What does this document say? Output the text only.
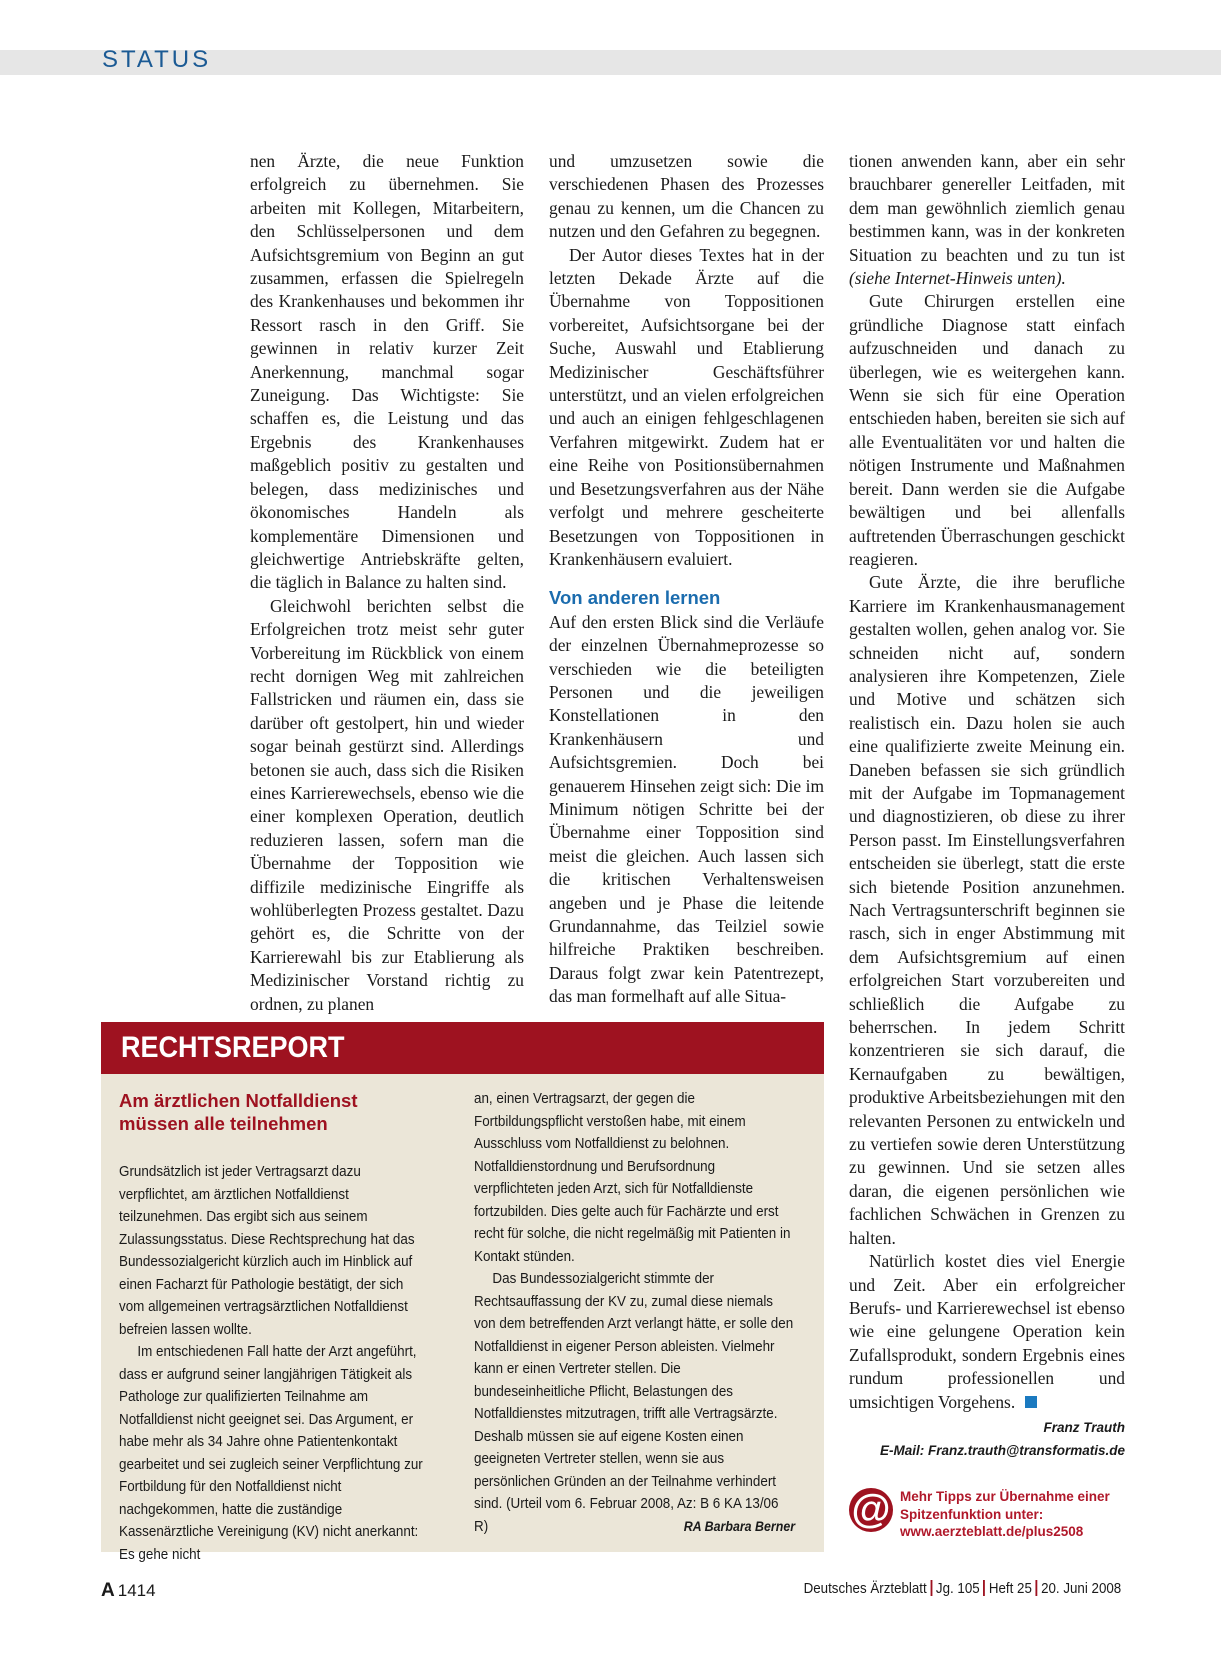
STATUS

nen Ärzte, die neue Funktion erfolgreich zu übernehmen. Sie arbeiten mit Kollegen, Mitarbeitern, den Schlüsselpersonen und dem Aufsichtsgremium von Beginn an gut zusammen, erfassen die Spielregeln des Krankenhauses und bekommen ihr Ressort rasch in den Griff. Sie gewinnen in relativ kurzer Zeit Anerkennung, manchmal sogar Zuneigung. Das Wichtigste: Sie schaffen es, die Leistung und das Ergebnis des Krankenhauses maßgeblich positiv zu gestalten und belegen, dass medizinisches und ökonomisches Handeln als komplementäre Dimensionen und gleichwertige Antriebskräfte gelten, die täglich in Balance zu halten sind.

Gleichwohl berichten selbst die Erfolgreichen trotz meist sehr guter Vorbereitung im Rückblick von einem recht dornigen Weg mit zahlreichen Fallstricken und räumen ein, dass sie darüber oft gestolpert, hin und wieder sogar beinah gestürzt sind. Allerdings betonen sie auch, dass sich die Risiken eines Karrierewechsels, ebenso wie die einer komplexen Operation, deutlich reduzieren lassen, sofern man die Übernahme der Topposition wie diffizile medizinische Eingriffe als wohlüberlegten Prozess gestaltet. Dazu gehört es, die Schritte von der Karrierewahl bis zur Etablierung als Medizinischer Vorstand richtig zu ordnen, zu planen

und umzusetzen sowie die verschiedenen Phasen des Prozesses genau zu kennen, um die Chancen zu nutzen und den Gefahren zu begegnen.

Der Autor dieses Textes hat in der letzten Dekade Ärzte auf die Übernahme von Toppositionen vorbereitet, Aufsichtsorgane bei der Suche, Auswahl und Etablierung Medizinischer Geschäftsführer unterstützt, und an vielen erfolgreichen und auch an einigen fehlgeschlagenen Verfahren mitgewirkt. Zudem hat er eine Reihe von Positionsübernahmen und Besetzungsverfahren aus der Nähe verfolgt und mehrere gescheiterte Besetzungen von Toppositionen in Krankenhäusern evaluiert.

Von anderen lernen

Auf den ersten Blick sind die Verläufe der einzelnen Übernahmeprozesse so verschieden wie die beteiligten Personen und die jeweiligen Konstellationen in den Krankenhäusern und Aufsichtsgremien. Doch bei genauerem Hinsehen zeigt sich: Die im Minimum nötigen Schritte bei der Übernahme einer Topposition sind meist die gleichen. Auch lassen sich die kritischen Verhaltensweisen angeben und je Phase die leitende Grundannahme, das Teilziel sowie hilfreiche Praktiken beschreiben. Daraus folgt zwar kein Patentrezept, das man formelhaft auf alle Situa-

tionen anwenden kann, aber ein sehr brauchbarer genereller Leitfaden, mit dem man gewöhnlich ziemlich genau bestimmen kann, was in der konkreten Situation zu beachten und zu tun ist (siehe Internet-Hinweis unten).

Gute Chirurgen erstellen eine gründliche Diagnose statt einfach aufzuschneiden und danach zu überlegen, wie es weitergehen kann. Wenn sie sich für eine Operation entschieden haben, bereiten sie sich auf alle Eventualitäten vor und halten die nötigen Instrumente und Maßnahmen bereit. Dann werden sie die Aufgabe bewältigen und bei allenfalls auftretenden Überraschungen geschickt reagieren.

Gute Ärzte, die ihre berufliche Karriere im Krankenhausmanagement gestalten wollen, gehen analog vor. Sie schneiden nicht auf, sondern analysieren ihre Kompetenzen, Ziele und Motive und schätzen sich realistisch ein. Dazu holen sie auch eine qualifizierte zweite Meinung ein. Daneben befassen sie sich gründlich mit der Aufgabe im Topmanagement und diagnostizieren, ob diese zu ihrer Person passt. Im Einstellungsverfahren entscheiden sie überlegt, statt die erste sich bietende Position anzunehmen. Nach Vertragsunterschrift beginnen sie rasch, sich in enger Abstimmung mit dem Aufsichtsgremium auf einen erfolgreichen Start vorzubereiten und schließlich die Aufgabe zu beherrschen. In jedem Schritt konzentrieren sie sich darauf, die Kernaufgaben zu bewältigen, produktive Arbeitsbeziehungen mit den relevanten Personen zu entwickeln und zu vertiefen sowie deren Unterstützung zu gewinnen. Und sie setzen alles daran, die eigenen persönlichen wie fachlichen Schwächen in Grenzen zu halten.

Natürlich kostet dies viel Energie und Zeit. Aber ein erfolgreicher Berufs- und Karrierewechsel ist ebenso wie eine gelungene Operation kein Zufallsprodukt, sondern Ergebnis eines rundum professionellen und umsichtigen Vorgehens.

Franz Trauth
E-Mail: Franz.trauth@transformatis.de
@ Mehr Tipps zur Übernahme einer
Spitzenfunktion unter:
www.aerzteblatt.de/plus2508
RECHTSREPORT
Am ärztlichen Notfalldienst
müssen alle teilnehmen

Grundsätzlich ist jeder Vertragsarzt dazu verpflichtet, am ärztlichen Notfalldienst teilzunehmen. Das ergibt sich aus seinem Zulassungsstatus. Diese Rechtsprechung hat das Bundessozialgericht kürzlich auch im Hinblick auf einen Facharzt für Pathologie bestätigt, der sich vom allgemeinen vertragsärztlichen Notfalldienst befreien lassen wollte.

Im entschiedenen Fall hatte der Arzt angeführt, dass er aufgrund seiner langjährigen Tätigkeit als Pathologe zur qualifizierten Teilnahme am Notfalldienst nicht geeignet sei. Das Argument, er habe mehr als 34 Jahre ohne Patientenkontakt gearbeitet und sei zugleich seiner Verpflichtung zur Fortbildung für den Notfalldienst nicht nachgekommen, hatte die zuständige Kassenärztliche Vereinigung (KV) nicht anerkannt: Es gehe nicht

an, einen Vertragsarzt, der gegen die Fortbildungspflicht verstoßen habe, mit einem Ausschluss vom Notfalldienst zu belohnen. Notfalldienstordnung und Berufsordnung verpflichteten jeden Arzt, sich für Notfalldienste fortzubilden. Dies gelte auch für Fachärzte und erst recht für solche, die nicht regelmäßig mit Patienten in Kontakt stünden.

Das Bundessozialgericht stimmte der Rechtsauffassung der KV zu, zumal diese niemals von dem betreffenden Arzt verlangt hätte, er solle den Notfalldienst in eigener Person ableisten. Vielmehr kann er einen Vertreter stellen. Die bundeseinheitliche Pflicht, Belastungen des Notfalldienstes mitzutragen, trifft alle Vertragsärzte. Deshalb müssen sie auf eigene Kosten einen geeigneten Vertreter stellen, wenn sie aus persönlichen Gründen an der Teilnahme verhindert sind. (Urteil vom 6. Februar 2008, Az: B 6 KA 13/06 R)	RA Barbara Berner

A 1414	Deutsches Ärzteblatt Jg. 105 Heft 25 20. Juni 2008
